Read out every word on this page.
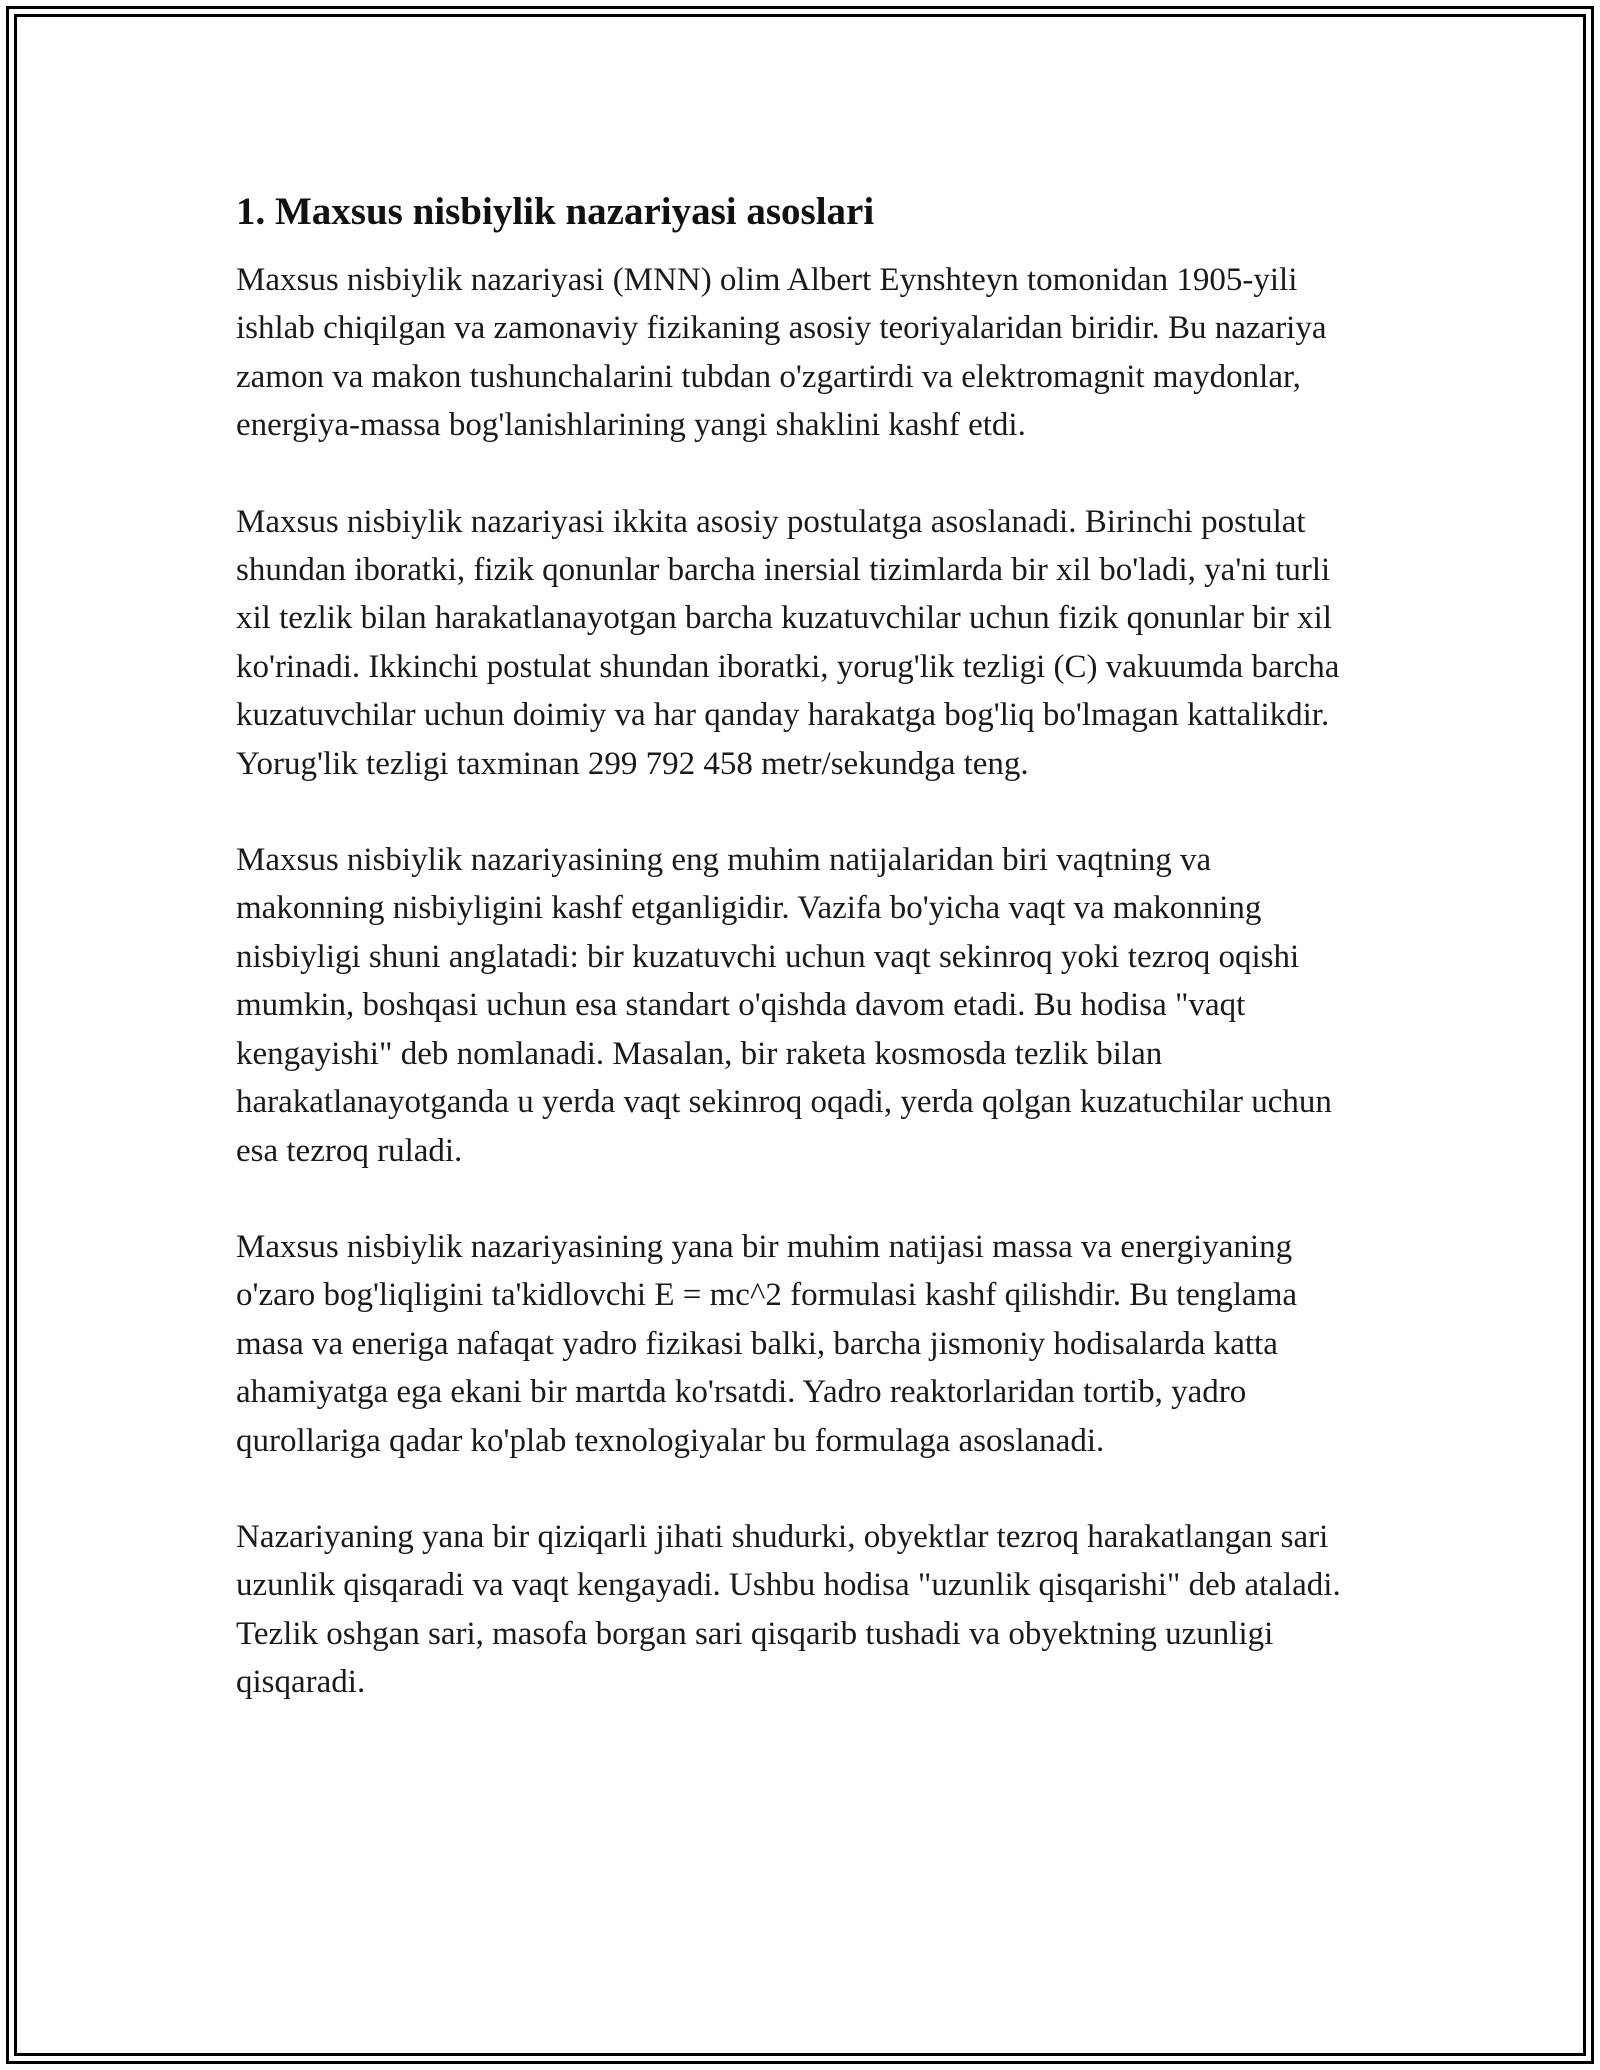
1. Maxsus nisbiylik nazariyasi asoslari

Maxsus nisbiylik nazariyasi (MNN) olim Albert Eynshteyn tomonidan 1905-yili ishlab chiqilgan va zamonaviy fizikaning asosiy teoriyalaridan biridir. Bu nazariya zamon va makon tushunchalarini tubdan o'zgartirdi va elektromagnit maydonlar, energiya-massa bog'lanishlarining yangi shaklini kashf etdi.

Maxsus nisbiylik nazariyasi ikkita asosiy postulatga asoslanadi. Birinchi postulat shundan iboratki, fizik qonunlar barcha inersial tizimlarda bir xil bo'ladi, ya'ni turli xil tezlik bilan harakatlanayotgan barcha kuzatuvchilar uchun fizik qonunlar bir xil ko'rinadi. Ikkinchi postulat shundan iboratki, yorug'lik tezligi (C) vakuumda barcha kuzatuvchilar uchun doimiy va har qanday harakatga bog'liq bo'lmagan kattalikdir. Yorug'lik tezligi taxminan 299 792 458 metr/sekundga teng.

Maxsus nisbiylik nazariyasining eng muhim natijalaridan biri vaqtning va makonning nisbiyligini kashf etganligidir. Vazifa bo'yicha vaqt va makonning nisbiyligi shuni anglatadi: bir kuzatuvchi uchun vaqt sekinroq yoki tezroq oqishi mumkin, boshqasi uchun esa standart o'qishda davom etadi. Bu hodisa "vaqt kengayishi" deb nomlanadi. Masalan, bir raketa kosmosda tezlik bilan harakatlanayotganda u yerda vaqt sekinroq oqadi, yerda qolgan kuzatuchilar uchun esa tezroq ruladi.

Maxsus nisbiylik nazariyasining yana bir muhim natijasi massa va energiyaning o'zaro bog'liqligini ta'kidlovchi E = mc^2 formulasi kashf qilishdir. Bu tenglama masa va eneriga nafaqat yadro fizikasi balki, barcha jismoniy hodisalarda katta ahamiyatga ega ekani bir martda ko'rsatdi. Yadro reaktorlaridan tortib, yadro qurollariga qadar ko'plab texnologiyalar bu formulaga asoslanadi.

Nazariyaning yana bir qiziqarli jihati shudurki, obyektlar tezroq harakatlangan sari uzunlik qisqaradi va vaqt kengayadi. Ushbu hodisa "uzunlik qisqarishi" deb ataladi. Tezlik oshgan sari, masofa borgan sari qisqarib tushadi va obyektning uzunligi qisqaradi.
